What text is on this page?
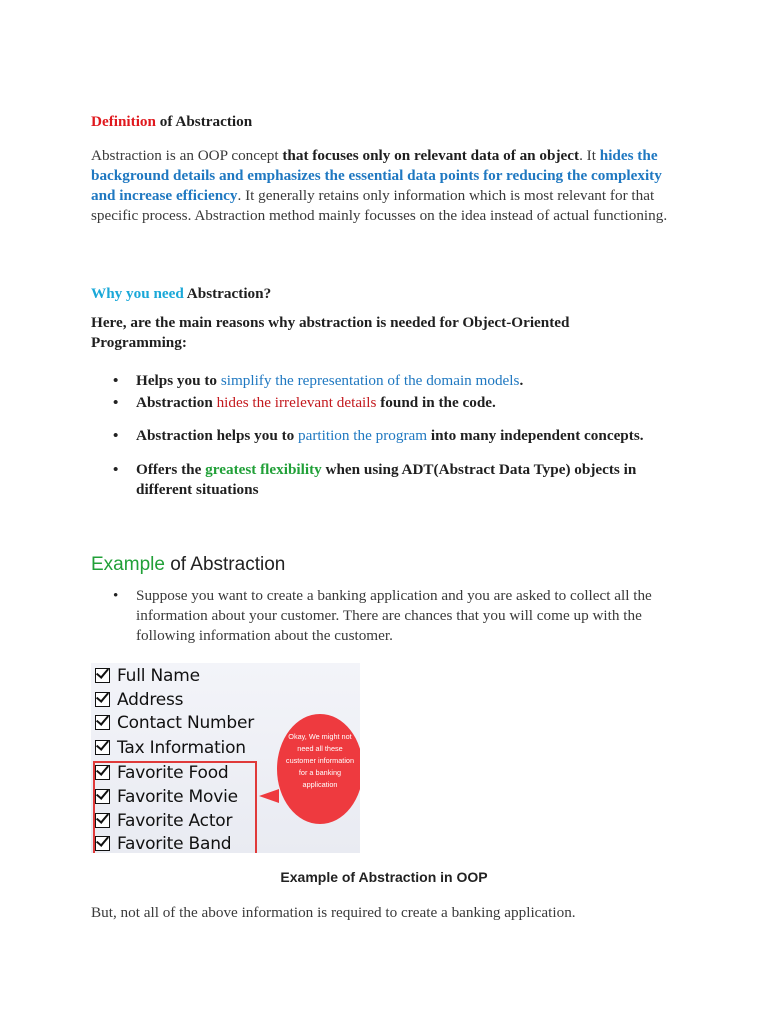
Definition of Abstraction

Abstraction is an OOP concept that focuses only on relevant data of an object. It hides the background details and emphasizes the essential data points for reducing the complexity and increase efficiency. It generally retains only information which is most relevant for that specific process. Abstraction method mainly focusses on the idea instead of actual functioning.

Why you need Abstraction?

Here, are the main reasons why abstraction is needed for Object-Oriented Programming:

• Helps you to simplify the representation of the domain models.
• Abstraction hides the irrelevant details found in the code.
• Abstraction helps you to partition the program into many independent concepts.
• Offers the greatest flexibility when using ADT(Abstract Data Type) objects in different situations
Example of Abstraction
• Suppose you want to create a banking application and you are asked to collect all the information about your customer. There are chances that you will come up with the following information about the customer.
Full Name
Address
Contact Number
Tax Information
Favorite Food
Favorite Movie
Favorite Actor
Favorite Band
Okay, We might not need all these customer information for a banking application
Example of Abstraction in OOP

But, not all of the above information is required to create a banking application.
